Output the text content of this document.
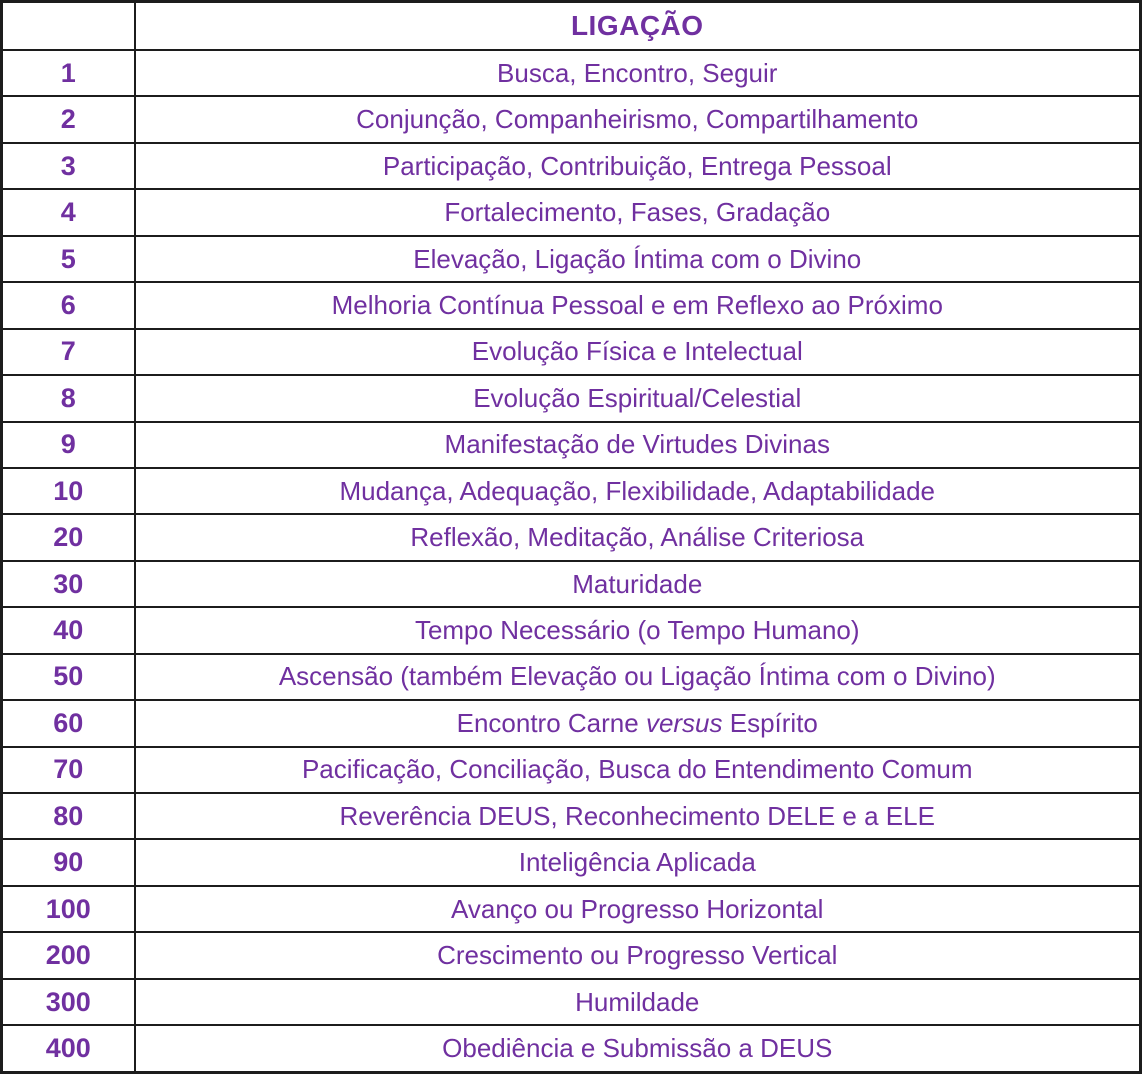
	LIGAÇÃO
1	Busca, Encontro, Seguir
2	Conjunção, Companheirismo, Compartilhamento
3	Participação, Contribuição, Entrega Pessoal
4	Fortalecimento, Fases, Gradação
5	Elevação, Ligação Íntima com o Divino
6	Melhoria Contínua Pessoal e em Reflexo ao Próximo
7	Evolução Física e Intelectual
8	Evolução Espiritual/Celestial
9	Manifestação de Virtudes Divinas
10	Mudança, Adequação, Flexibilidade, Adaptabilidade
20	Reflexão, Meditação, Análise Criteriosa
30	Maturidade
40	Tempo Necessário (o Tempo Humano)
50	Ascensão (também Elevação ou Ligação Íntima com o Divino)
60	Encontro Carne versus Espírito
70	Pacificação, Conciliação, Busca do Entendimento Comum
80	Reverência DEUS, Reconhecimento DELE e a ELE
90	Inteligência Aplicada
100	Avanço ou Progresso Horizontal
200	Crescimento ou Progresso Vertical
300	Humildade
400	Obediência e Submissão a DEUS
